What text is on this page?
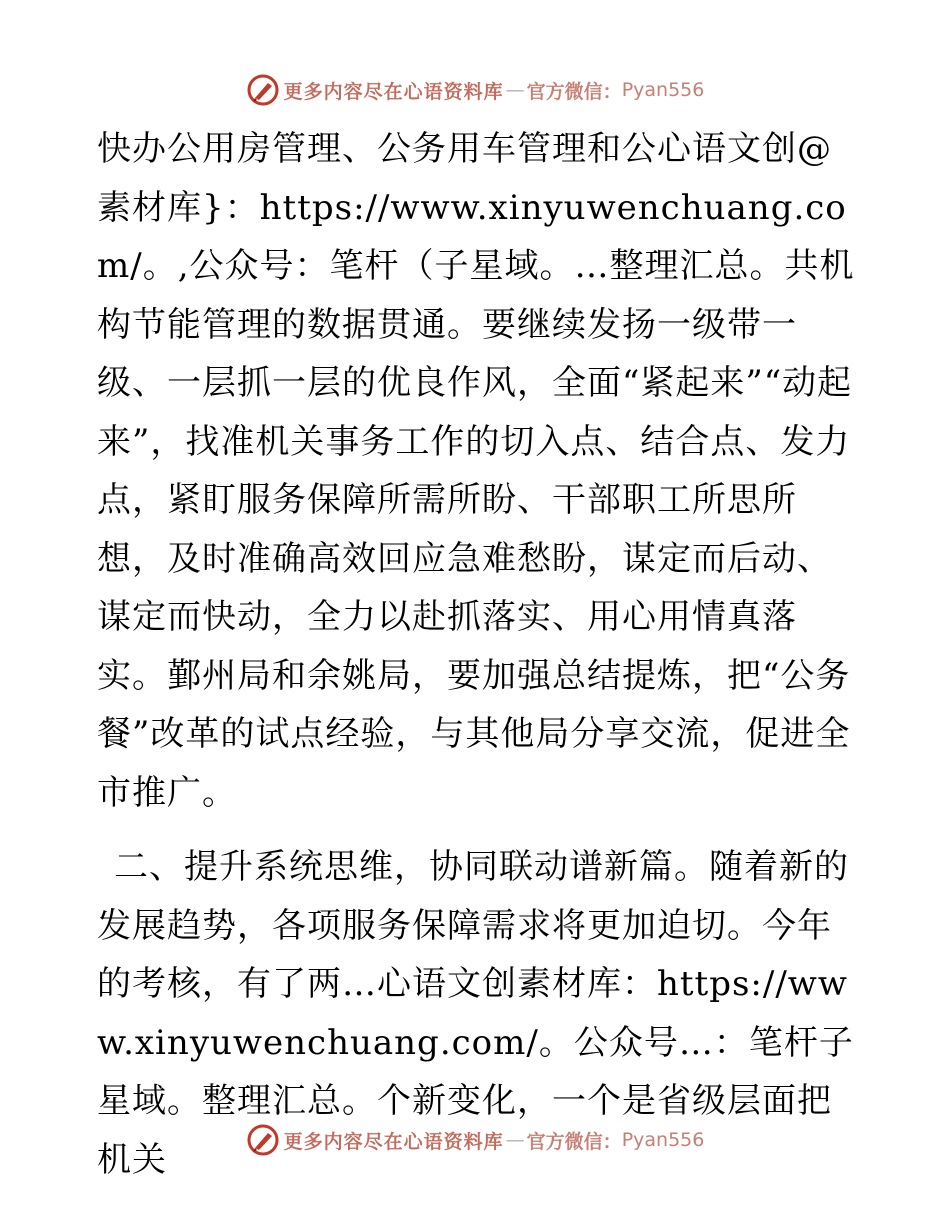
更多内容尽在心语资料库 — 官方微信： Pyan556

快办公用房管理、公务用车管理和公心语文创@素材库}：https://www.xinyuwenchuang.com/。,公众号：笔杆（子星域。…整理汇总。共机构节能管理的数据贯通。要继续发扬一级带一级、一层抓一层的优良作风，全面“紧起来”“动起来”，找准机关事务工作的切入点、结合点、发力点，紧盯服务保障所需所盼、干部职工所思所想，及时准确高效回应急难愁盼，谋定而后动、谋定而快动，全力以赴抓落实、用心用情真落实。鄞州局和余姚局，要加强总结提炼，把“公务餐”改革的试点经验，与其他局分享交流，促进全市推广。

二、提升系统思维，协同联动谱新篇。随着新的发展趋势，各项服务保障需求将更加迫切。今年的考核，有了两…心语文创素材库：https://www.xinyuwenchuang.com/。公众号…：笔杆子星域。整理汇总。个新变化，一个是省级层面把机关	更多内容尽在心语资料库 — 官方微信： Pyan556
